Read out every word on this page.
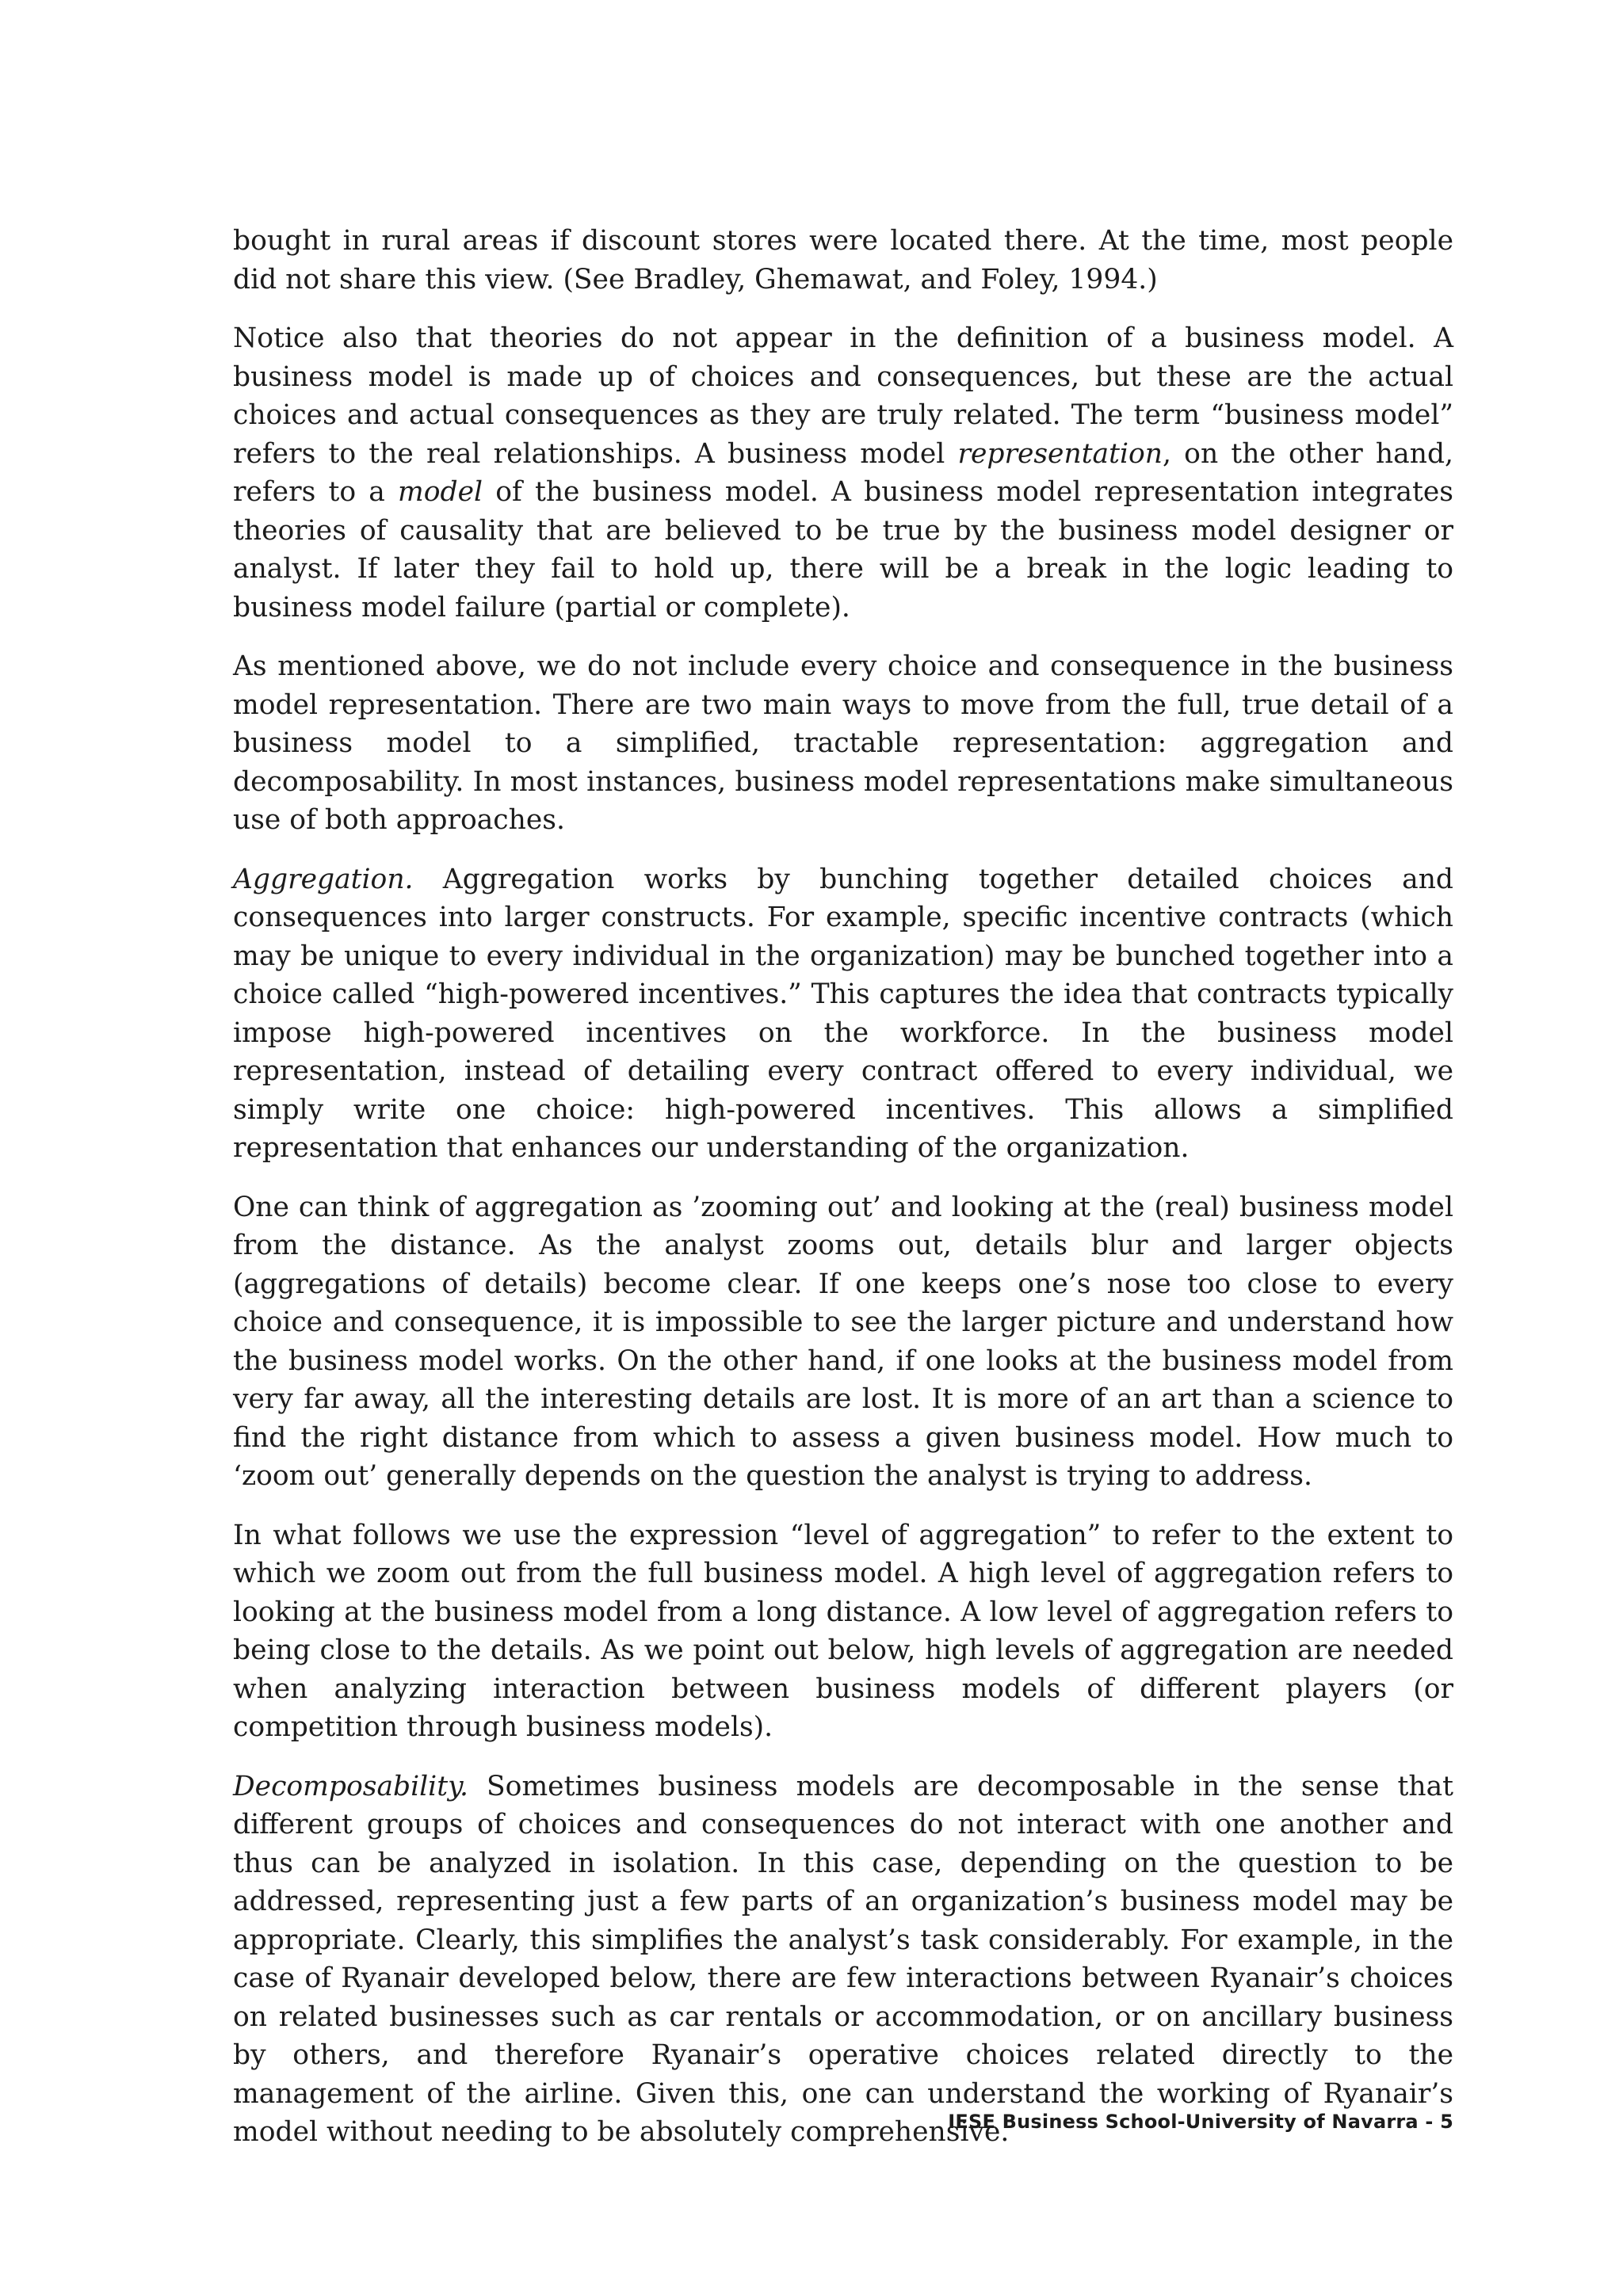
bought in rural areas if discount stores were located there. At the time, most people did not share this view. (See Bradley, Ghemawat, and Foley, 1994.)

Notice also that theories do not appear in the definition of a business model. A business model is made up of choices and consequences, but these are the actual choices and actual consequences as they are truly related. The term “business model” refers to the real relationships. A business model representation, on the other hand, refers to a model of the business model. A business model representation integrates theories of causality that are believed to be true by the business model designer or analyst. If later they fail to hold up, there will be a break in the logic leading to business model failure (partial or complete).

As mentioned above, we do not include every choice and consequence in the business model representation. There are two main ways to move from the full, true detail of a business model to a simplified, tractable representation: aggregation and decomposability. In most instances, business model representations make simultaneous use of both approaches.

Aggregation. Aggregation works by bunching together detailed choices and consequences into larger constructs. For example, specific incentive contracts (which may be unique to every individual in the organization) may be bunched together into a choice called “high-powered incentives.” This captures the idea that contracts typically impose high-powered incentives on the workforce. In the business model representation, instead of detailing every contract offered to every individual, we simply write one choice: high-powered incentives. This allows a simplified representation that enhances our understanding of the organization.

One can think of aggregation as ’zooming out’ and looking at the (real) business model from the distance. As the analyst zooms out, details blur and larger objects (aggregations of details) become clear. If one keeps one’s nose too close to every choice and consequence, it is impossible to see the larger picture and understand how the business model works. On the other hand, if one looks at the business model from very far away, all the interesting details are lost. It is more of an art than a science to find the right distance from which to assess a given business model. How much to ‘zoom out’ generally depends on the question the analyst is trying to address.

In what follows we use the expression “level of aggregation” to refer to the extent to which we zoom out from the full business model. A high level of aggregation refers to looking at the business model from a long distance. A low level of aggregation refers to being close to the details. As we point out below, high levels of aggregation are needed when analyzing interaction between business models of different players (or competition through business models).

Decomposability. Sometimes business models are decomposable in the sense that different groups of choices and consequences do not interact with one another and thus can be analyzed in isolation. In this case, depending on the question to be addressed, representing just a few parts of an organization’s business model may be appropriate. Clearly, this simplifies the analyst’s task considerably. For example, in the case of Ryanair developed below, there are few interactions between Ryanair’s choices on related businesses such as car rentals or accommodation, or on ancillary business by others, and therefore Ryanair’s operative choices related directly to the management of the airline. Given this, one can understand the working of Ryanair’s model without needing to be absolutely comprehensive.

IESE Business School-University of Navarra - 5
